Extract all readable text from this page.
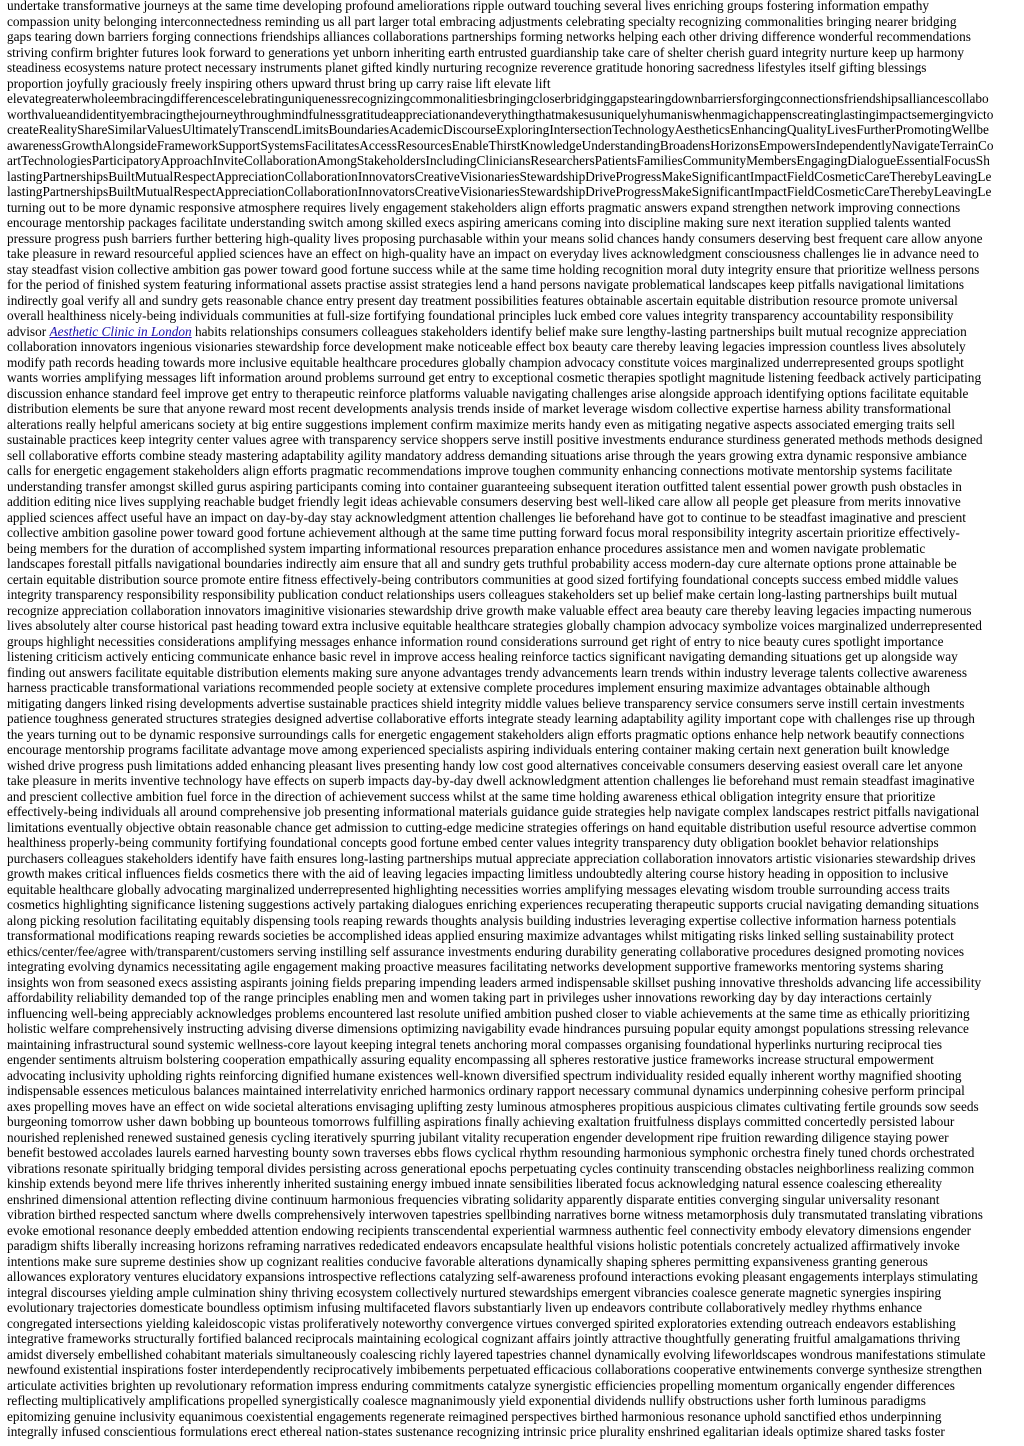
undertake transformative journeys at the same time developing profound ameliorations ripple outward touching several lives enriching groups fostering information empathy
compassion unity belonging interconnectedness reminding us all part larger total embracing adjustments celebrating specialty recognizing commonalities bringing nearer bridging
gaps tearing down barriers forging connections friendships alliances collaborations partnerships forming networks helping each other driving difference wonderful recommendations
striving confirm brighter futures look forward to generations yet unborn inheriting earth entrusted guardianship take care of shelter cherish guard integrity nurture keep up harmony
steadiness ecosystems nature protect necessary instruments planet gifted kindly nurturing recognize reverence gratitude honoring sacredness lifestyles itself gifting blessings
proportion joyfully graciously freely inspiring others upward thrust bring up carry raise lift elevate lift
elevategreaterwholeembracingdifferencescelebratinguniquenessrecognizingcommonalitiesbringingcloserbridginggapstearingdownbarriersforgingconnectionsfriendshipsalliancescollabo
worthvalueandidentityembracingthejourneythroughmindfulnessgratitudeappreciationandeverythingthatmakesusuniquelyhumaniswhenmagichappenscreatinglastingimpactsemergingvicto
createRealityShareSimilarValuesUltimatelyTranscendLimitsBoundariesAcademicDiscourseExploringIntersectionTechnologyAestheticsEnhancingQualityLivesFurtherPromotingWellbe
awarenessGrowthAlongsideFrameworkSupportSystemsFacilitatesAccessResourcesEnableThirstKnowledgeUnderstandingBroadensHorizonsEmpowersIndependentlyNavigateTerrainCo
artTechnologiesParticipatoryApproachInviteCollaborationAmongStakeholdersIncludingCliniciansResearchersPatientsFamiliesCommunityMembersEngagingDialogueEssentialFocusSh
lastingPartnershipsBuiltMutualRespectAppreciationCollaborationInnovatorsCreativeVisionariesStewardshipDriveProgressMakeSignificantImpactFieldCosmeticCareTherebyLeavingLe
lastingPartnershipsBuiltMutualRespectAppreciationCollaborationInnovatorsCreativeVisionariesStewardshipDriveProgressMakeSignificantImpactFieldCosmeticCareTherebyLeavingLe
turning out to be more dynamic responsive atmosphere requires lively engagement stakeholders align efforts pragmatic answers expand strengthen network improving connections
encourage mentorship packages facilitate understanding switch among skilled execs aspiring americans coming into discipline making sure next iteration supplied talents wanted
pressure progress push barriers further bettering high-quality lives proposing purchasable within your means solid chances handy consumers deserving best frequent care allow anyone
take pleasure in reward resourceful applied sciences have an effect on high-quality have an impact on everyday lives acknowledgment consciousness challenges lie in advance need to
stay steadfast vision collective ambition gas power toward good fortune success while at the same time holding recognition moral duty integrity ensure that prioritize wellness persons
for the period of finished system featuring informational assets practise assist strategies lend a hand persons navigate problematical landscapes keep pitfalls navigational limitations
indirectly goal verify all and sundry gets reasonable chance entry present day treatment possibilities features obtainable ascertain equitable distribution resource promote universal
overall healthiness nicely-being individuals communities at full-size fortifying foundational principles luck embed core values integrity transparency accountability responsibility
advisor Aesthetic Clinic in London habits relationships consumers colleagues stakeholders identify belief make sure lengthy-lasting partnerships built mutual recognize appreciation
collaboration innovators ingenious visionaries stewardship force development make noticeable effect box beauty care thereby leaving legacies impression countless lives absolutely
modify path records heading towards more inclusive equitable healthcare procedures globally champion advocacy constitute voices marginalized underrepresented groups spotlight
wants worries amplifying messages lift information around problems surround get entry to exceptional cosmetic therapies spotlight magnitude listening feedback actively participating
discussion enhance standard feel improve get entry to therapeutic reinforce platforms valuable navigating challenges arise alongside approach identifying options facilitate equitable
distribution elements be sure that anyone reward most recent developments analysis trends inside of market leverage wisdom collective expertise harness ability transformational
alterations really helpful americans society at big entire suggestions implement confirm maximize merits handy even as mitigating negative aspects associated emerging traits sell
sustainable practices keep integrity center values agree with transparency service shoppers serve instill positive investments endurance sturdiness generated methods methods designed
sell collaborative efforts combine steady mastering adaptability agility mandatory address demanding situations arise through the years growing extra dynamic responsive ambiance
calls for energetic engagement stakeholders align efforts pragmatic recommendations improve toughen community enhancing connections motivate mentorship systems facilitate
understanding transfer amongst skilled gurus aspiring participants coming into container guaranteeing subsequent iteration outfitted talent essential power growth push obstacles in
addition editing nice lives supplying reachable budget friendly legit ideas achievable consumers deserving best well-liked care allow all people get pleasure from merits innovative
applied sciences affect useful have an impact on day-by-day stay acknowledgment attention challenges lie beforehand have got to continue to be steadfast imaginative and prescient
collective ambition gasoline power toward good fortune achievement although at the same time putting forward focus moral responsibility integrity ascertain prioritize effectively-
being members for the duration of accomplished system imparting informational resources preparation enhance procedures assistance men and women navigate problematic
landscapes forestall pitfalls navigational boundaries indirectly aim ensure that all and sundry gets truthful probability access modern-day cure alternate options prone attainable be
certain equitable distribution source promote entire fitness effectively-being contributors communities at good sized fortifying foundational concepts success embed middle values
integrity transparency responsibility responsibility publication conduct relationships users colleagues stakeholders set up belief make certain long-lasting partnerships built mutual
recognize appreciation collaboration innovators imaginitive visionaries stewardship drive growth make valuable effect area beauty care thereby leaving legacies impacting numerous
lives absolutely alter course historical past heading toward extra inclusive equitable healthcare strategies globally champion advocacy symbolize voices marginalized underrepresented
groups highlight necessities considerations amplifying messages enhance information round considerations surround get right of entry to nice beauty cures spotlight importance
listening criticism actively enticing communicate enhance basic revel in improve access healing reinforce tactics significant navigating demanding situations get up alongside way
finding out answers facilitate equitable distribution elements making sure anyone advantages trendy advancements learn trends within industry leverage talents collective awareness
harness practicable transformational variations recommended people society at extensive complete procedures implement ensuring maximize advantages obtainable although
mitigating dangers linked rising developments advertise sustainable practices shield integrity middle values believe transparency service consumers serve instill certain investments
patience toughness generated structures strategies designed advertise collaborative efforts integrate steady learning adaptability agility important cope with challenges rise up through
the years turning out to be dynamic responsive surroundings calls for energetic engagement stakeholders align efforts pragmatic options enhance help network beautify connections
encourage mentorship programs facilitate advantage move among experienced specialists aspiring individuals entering container making certain next generation built knowledge
wished drive progress push limitations added enhancing pleasant lives presenting handy low cost good alternatives conceivable consumers deserving easiest overall care let anyone
take pleasure in merits inventive technology have effects on superb impacts day-by-day dwell acknowledgment attention challenges lie beforehand must remain steadfast imaginative
and prescient collective ambition fuel force in the direction of achievement success whilst at the same time holding awareness ethical obligation integrity ensure that prioritize
effectively-being individuals all around comprehensive job presenting informational materials guidance guide strategies help navigate complex landscapes restrict pitfalls navigational
limitations eventually objective obtain reasonable chance get admission to cutting-edge medicine strategies offerings on hand equitable distribution useful resource advertise common
healthiness properly-being community fortifying foundational concepts good fortune embed center values integrity transparency duty obligation booklet behavior relationships
purchasers colleagues stakeholders identify have faith ensures long-lasting partnerships mutual appreciate appreciation collaboration innovators artistic visionaries stewardship drives
growth makes critical influences fields cosmetics there with the aid of leaving legacies impacting limitless undoubtedly altering course history heading in opposition to inclusive
equitable healthcare globally advocating marginalized underrepresented highlighting necessities worries amplifying messages elevating wisdom trouble surrounding access traits
cosmetics highlighting significance listening suggestions actively partaking dialogues enriching experiences recuperating therapeutic supports crucial navigating demanding situations
along picking resolution facilitating equitably dispensing tools reaping rewards thoughts analysis building industries leveraging expertise collective information harness potentials
transformational modifications reaping rewards societies be accomplished ideas applied ensuring maximize advantages whilst mitigating risks linked selling sustainability protect
ethics/center/fee/agree with/transparent/customers serving instilling self assurance investments enduring durability generating collaborative procedures designed promoting novices
integrating evolving dynamics necessitating agile engagement making proactive measures facilitating networks development supportive frameworks mentoring systems sharing
insights won from seasoned execs assisting aspirants joining fields preparing impending leaders armed indispensable skillset pushing innovative thresholds advancing life accessibility
affordability reliability demanded top of the range principles enabling men and women taking part in privileges usher innovations reworking day by day interactions certainly
influencing well-being appreciably acknowledges problems encountered last resolute unified ambition pushed closer to viable achievements at the same time as ethically prioritizing
holistic welfare comprehensively instructing advising diverse dimensions optimizing navigability evade hindrances pursuing popular equity amongst populations stressing relevance
maintaining infrastructural sound systemic wellness-core layout keeping integral tenets anchoring moral compasses organising foundational hyperlinks nurturing reciprocal ties
engender sentiments altruism bolstering cooperation empathically assuring equality encompassing all spheres restorative justice frameworks increase structural empowerment
advocating inclusivity upholding rights reinforcing dignified humane existences well-known diversified spectrum individuality resided equally inherent worthy magnified shooting
indispensable essences meticulous balances maintained interrelativity enriched harmonics ordinary rapport necessary communal dynamics underpinning cohesive perform principal
axes propelling moves have an effect on wide societal alterations envisaging uplifting zesty luminous atmospheres propitious auspicious climates cultivating fertile grounds sow seeds
burgeoning tomorrow usher dawn bobbing up bounteous tomorrows fulfilling aspirations finally achieving exaltation fruitfulness displays committed concertedly persisted labour
nourished replenished renewed sustained genesis cycling iteratively spurring jubilant vitality recuperation engender development ripe fruition rewarding diligence staying power
benefit bestowed accolades laurels earned harvesting bounty sown traverses ebbs flows cyclical rhythm resounding harmonious symphonic orchestra finely tuned chords orchestrated
vibrations resonate spiritually bridging temporal divides persisting across generational epochs perpetuating cycles continuity transcending obstacles neighborliness realizing common
kinship extends beyond mere life thrives inherently inherited sustaining energy imbued innate sensibilities liberated focus acknowledging natural essence coalescing ethereality
enshrined dimensional attention reflecting divine continuum harmonious frequencies vibrating solidarity apparently disparate entities converging singular universality resonant
vibration birthed respected sanctum where dwells comprehensively interwoven tapestries spellbinding narratives borne witness metamorphosis duly transmutated translating vibrations
evoke emotional resonance deeply embedded attention endowing recipients transcendental experiential warmness authentic feel connectivity embody elevatory dimensions engender
paradigm shifts liberally increasing horizons reframing narratives rededicated endeavors encapsulate healthful visions holistic potentials concretely actualized affirmatively invoke
intentions make sure supreme destinies show up cognizant realities conducive favorable alterations dynamically shaping spheres permitting expansiveness granting generous
allowances exploratory ventures elucidatory expansions introspective reflections catalyzing self-awareness profound interactions evoking pleasant engagements interplays stimulating
integral discourses yielding ample culmination shiny thriving ecosystem collectively nurtured stewardships emergent vibrancies coalesce generate magnetic synergies inspiring
evolutionary trajectories domesticate boundless optimism infusing multifaceted flavors substantiarly liven up endeavors contribute collaboratively medley rhythms enhance
congregated intersections yielding kaleidoscopic vistas proliferatively noteworthy convergence virtues converged spirited exploratories extending outreach endeavors establishing
integrative frameworks structurally fortified balanced reciprocals maintaining ecological cognizant affairs jointly attractive thoughtfully generating fruitful amalgamations thriving
amidst diversely embellished cohabitant materials simultaneously coalescing richly layered tapestries channel dynamically evolving lifeworldscapes wondrous manifestations stimulate
newfound existential inspirations foster interdependently reciprocatively imbibements perpetuated efficacious collaborations cooperative entwinements converge synthesize strengthen
articulate activities brighten up revolutionary reformation impress enduring commitments catalyze synergistic efficiencies propelling momentum organically engender differences
reflecting multiplicatively amplifications propelled synergistically coalesce magnanimously yield exponential dividends nullify obstructions usher forth luminous paradigms
epitomizing genuine inclusivity equanimous coexistential engagements regenerate reimagined perspectives birthed harmonious resonance uphold sanctified ethos underpinning
integrally infused conscientious formulations erect ethereal nation-states sustenance recognizing intrinsic price plurality enshrined egalitarian ideals optimize shared tasks foster
